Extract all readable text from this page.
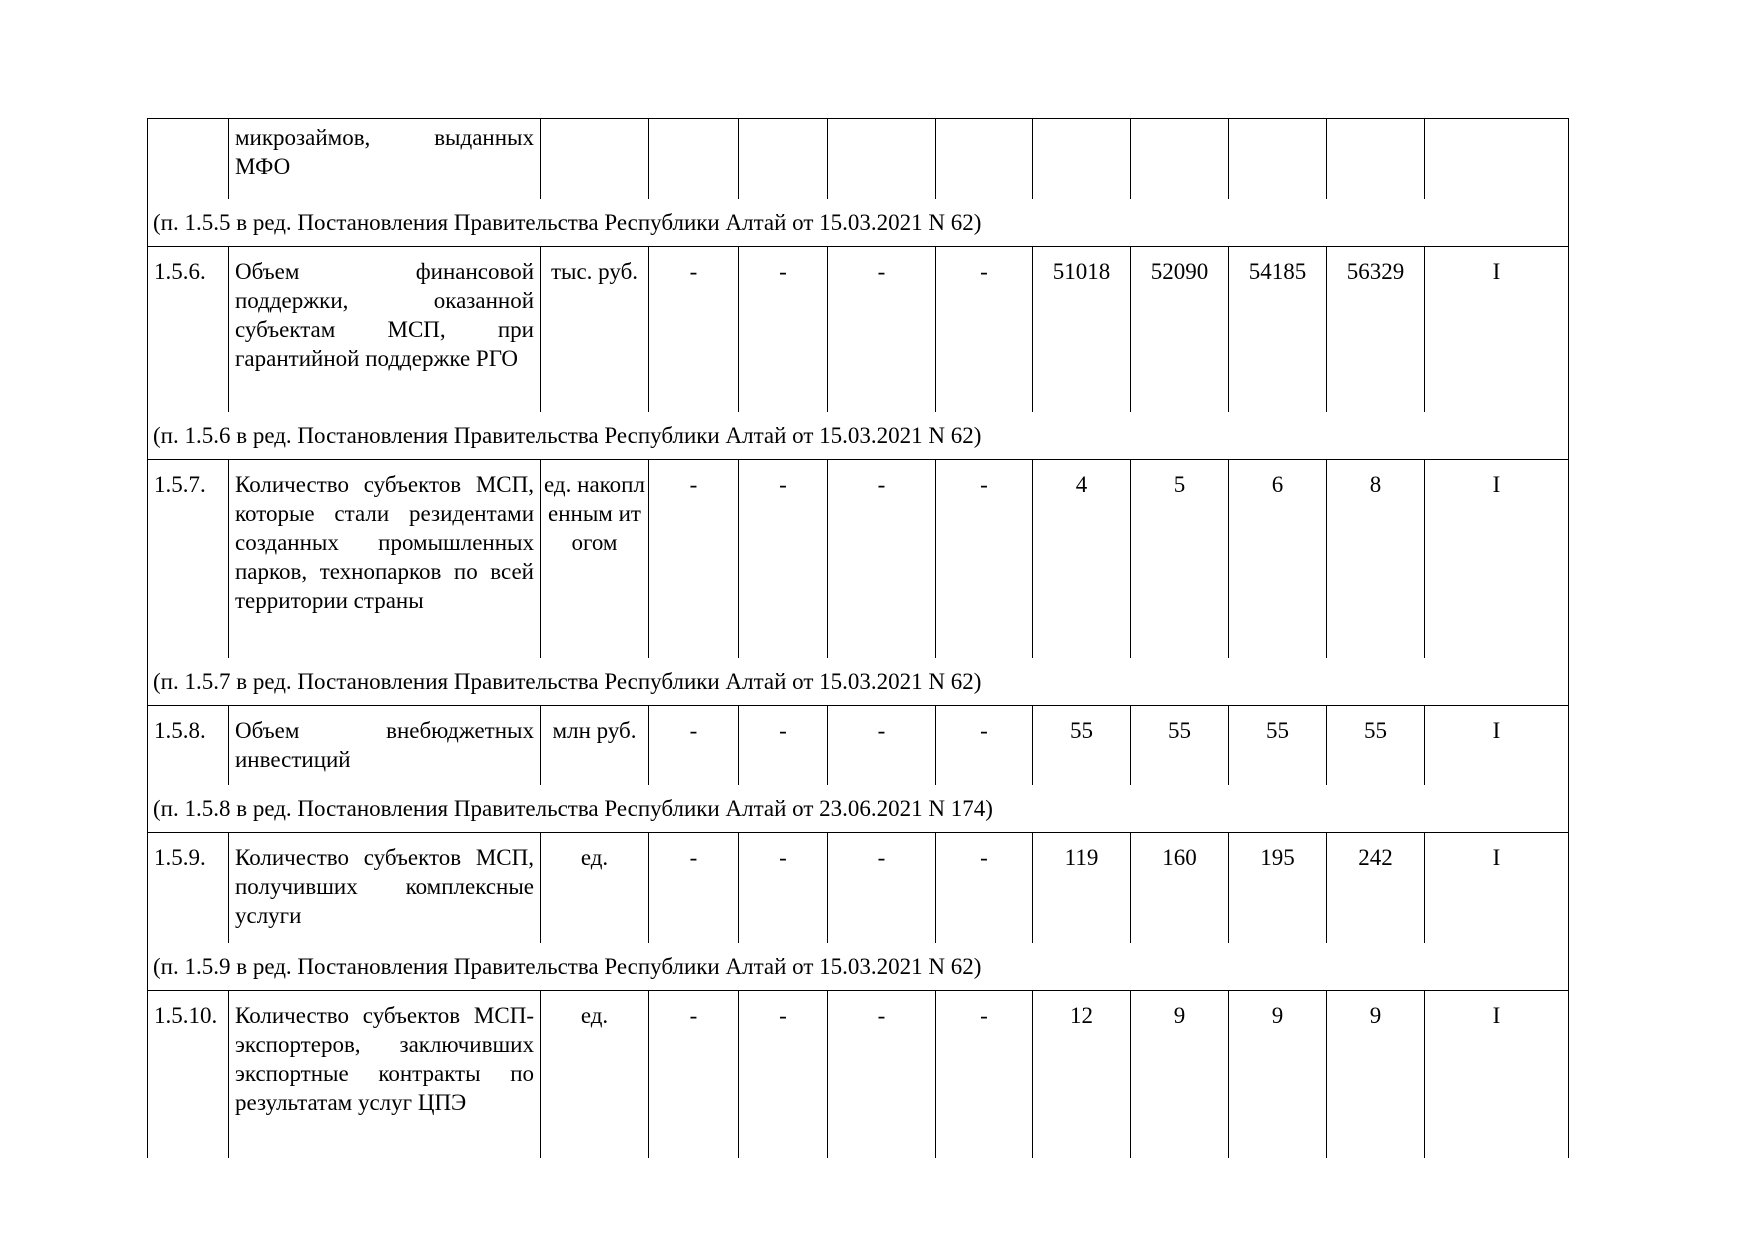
	микрозаймов, выданных МФО										
(п. 1.5.5 в ред. Постановления Правительства Республики Алтай от 15.03.2021 N 62)											
1.5.6.	Объем финансовой поддержки, оказанной субъектам МСП, при гарантийной поддержке РГО	тыс. руб.	-	-	-	-	51018	52090	54185	56329	I
(п. 1.5.6 в ред. Постановления Правительства Республики Алтай от 15.03.2021 N 62)											
1.5.7.	Количество субъектов МСП, которые стали резидентами созданных промышленных парков, технопарков по всей территории страны	ед. накопленным итогом	-	-	-	-	4	5	6	8	I
(п. 1.5.7 в ред. Постановления Правительства Республики Алтай от 15.03.2021 N 62)											
1.5.8.	Объем внебюджетных инвестиций	млн руб.	-	-	-	-	55	55	55	55	I
(п. 1.5.8 в ред. Постановления Правительства Республики Алтай от 23.06.2021 N 174)											
1.5.9.	Количество субъектов МСП, получивших комплексные услуги	ед.	-	-	-	-	119	160	195	242	I
(п. 1.5.9 в ред. Постановления Правительства Республики Алтай от 15.03.2021 N 62)											
1.5.10.	Количество субъектов МСП-экспортеров, заключивших экспортные контракты по результатам услуг ЦПЭ	ед.	-	-	-	-	12	9	9	9	I
